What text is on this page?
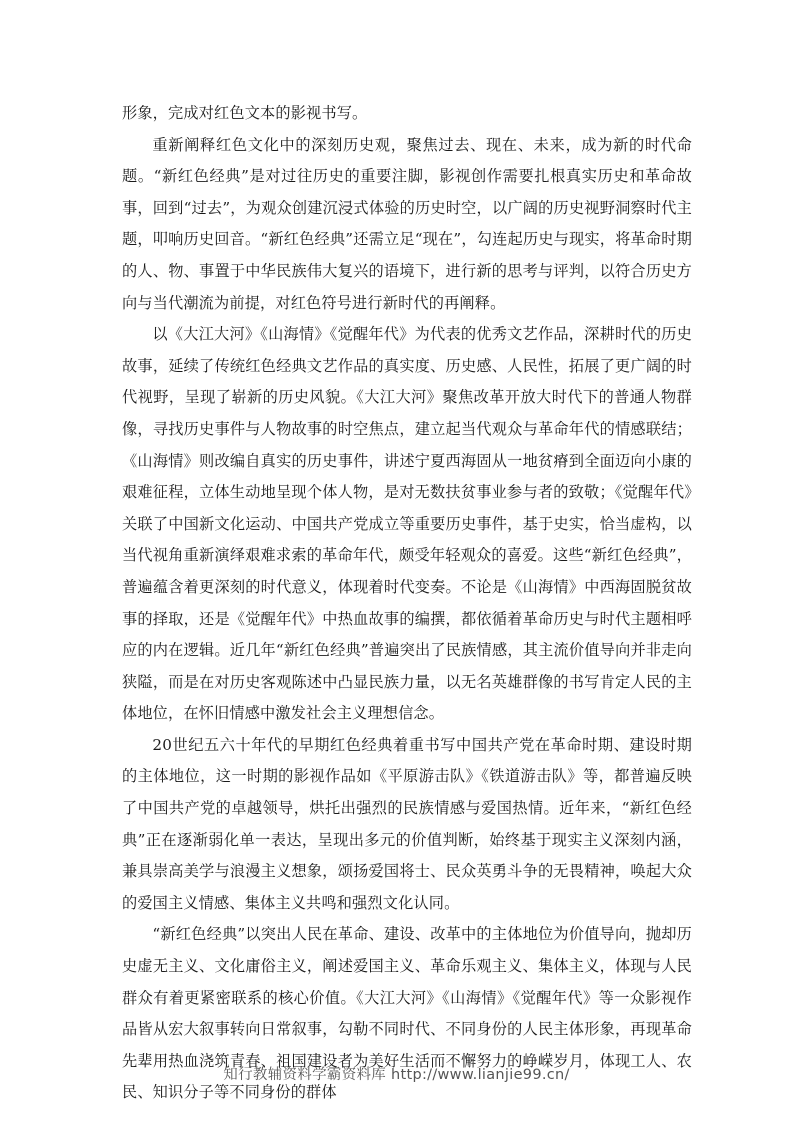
形象，完成对红色文本的影视书写。

重新阐释红色文化中的深刻历史观，聚焦过去、现在、未来，成为新的时代命题。“新红色经典”是对过往历史的重要注脚，影视创作需要扎根真实历史和革命故事，回到“过去”，为观众创建沉浸式体验的历史时空，以广阔的历史视野洞察时代主题，叩响历史回音。“新红色经典”还需立足“现在”，勾连起历史与现实，将革命时期的人、物、事置于中华民族伟大复兴的语境下，进行新的思考与评判，以符合历史方向与当代潮流为前提，对红色符号进行新时代的再阐释。

以《大江大河》《山海情》《觉醒年代》为代表的优秀文艺作品，深耕时代的历史故事，延续了传统红色经典文艺作品的真实度、历史感、人民性，拓展了更广阔的时代视野，呈现了崭新的历史风貌。《大江大河》聚焦改革开放大时代下的普通人物群像，寻找历史事件与人物故事的时空焦点，建立起当代观众与革命年代的情感联结；《山海情》则改编自真实的历史事件，讲述宁夏西海固从一地贫瘠到全面迈向小康的艰难征程，立体生动地呈现个体人物，是对无数扶贫事业参与者的致敬；《觉醒年代》关联了中国新文化运动、中国共产党成立等重要历史事件，基于史实，恰当虚构，以当代视角重新演绎艰难求索的革命年代，颇受年轻观众的喜爱。这些“新红色经典”，普遍蕴含着更深刻的时代意义，体现着时代变奏。不论是《山海情》中西海固脱贫故事的择取，还是《觉醒年代》中热血故事的编撰，都依循着革命历史与时代主题相呼应的内在逻辑。近几年“新红色经典”普遍突出了民族情感，其主流价值导向并非走向狭隘，而是在对历史客观陈述中凸显民族力量，以无名英雄群像的书写肯定人民的主体地位，在怀旧情感中激发社会主义理想信念。

20世纪五六十年代的早期红色经典着重书写中国共产党在革命时期、建设时期的主体地位，这一时期的影视作品如《平原游击队》《铁道游击队》等，都普遍反映了中国共产党的卓越领导，烘托出强烈的民族情感与爱国热情。近年来，“新红色经典”正在逐渐弱化单一表达，呈现出多元的价值判断，始终基于现实主义深刻内涵，兼具崇高美学与浪漫主义想象，颂扬爱国将士、民众英勇斗争的无畏精神，唤起大众的爱国主义情感、集体主义共鸣和强烈文化认同。

“新红色经典”以突出人民在革命、建设、改革中的主体地位为价值导向，抛却历史虚无主义、文化庸俗主义，阐述爱国主义、革命乐观主义、集体主义，体现与人民群众有着更紧密联系的核心价值。《大江大河》《山海情》《觉醒年代》等一众影视作品皆从宏大叙事转向日常叙事，勾勒不同时代、不同身份的人民主体形象，再现革命先辈用热血浇筑青春、祖国建设者为美好生活而不懈努力的峥嵘岁月，体现工人、农民、知识分子等不同身份的群体

知行教辅资料学霸资料库 http://www.lianjie99.cn/
